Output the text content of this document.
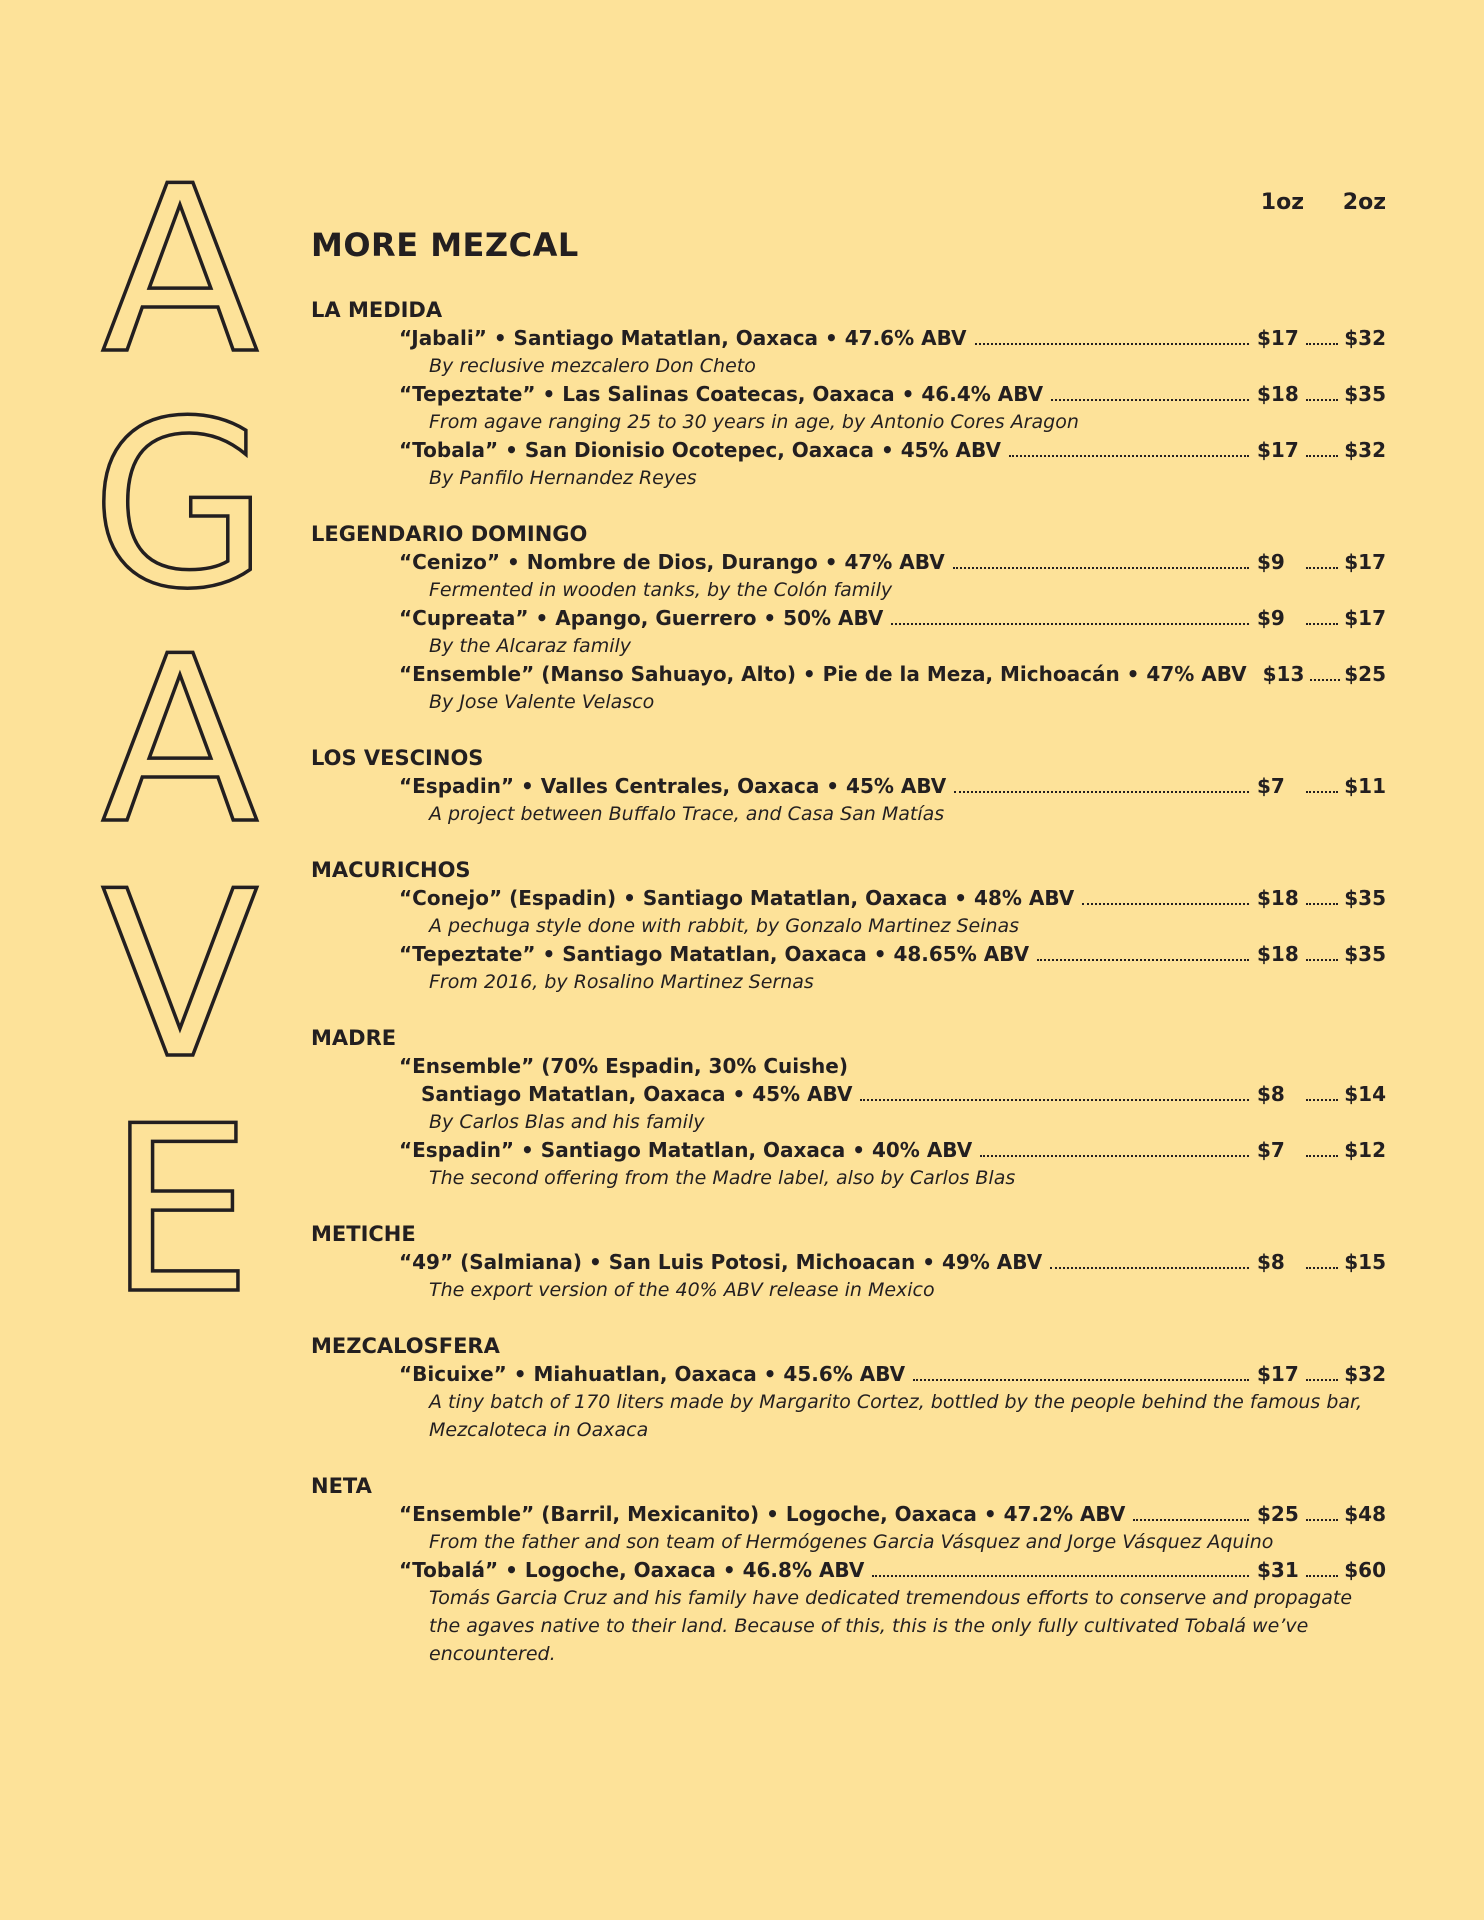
A
G
A
V
E
1oz 2oz
MORE MEZCAL
LA MEDIDA
“Jabali” • Santiago Matatlan, Oaxaca • 47.6% ABV	$17 $32
By reclusive mezcalero Don Cheto
“Tepeztate” • Las Salinas Coatecas, Oaxaca • 46.4% ABV	$18 $35
From agave ranging 25 to 30 years in age, by Antonio Cores Aragon
“Tobala” • San Dionisio Ocotepec, Oaxaca • 45% ABV	$17 $32
By Panfilo Hernandez Reyes
LEGENDARIO DOMINGO
“Cenizo” • Nombre de Dios, Durango • 47% ABV	$9	$17
Fermented in wooden tanks, by the Colón family
“Cupreata” • Apango, Guerrero • 50% ABV	$9	$17
By the Alcaraz family
“Ensemble” (Manso Sahuayo, Alto) • Pie de la Meza, Michoacán • 47% ABV $13 $25
By Jose Valente Velasco
LOS VESCINOS
“Espadin” • Valles Centrales, Oaxaca • 45% ABV	$7	$11
A project between Buffalo Trace, and Casa San Matías
MACURICHOS
“Conejo” (Espadin) • Santiago Matatlan, Oaxaca • 48% ABV	$18 $35
A pechuga style done with rabbit, by Gonzalo Martinez Seinas
“Tepeztate” • Santiago Matatlan, Oaxaca • 48.65% ABV	$18 $35
From 2016, by Rosalino Martinez Sernas
MADRE
“Ensemble” (70% Espadin, 30% Cuishe)
Santiago Matatlan, Oaxaca • 45% ABV	$8	$14
By Carlos Blas and his family
“Espadin” • Santiago Matatlan, Oaxaca • 40% ABV	$7	$12
The second offering from the Madre label, also by Carlos Blas
METICHE
“49” (Salmiana) • San Luis Potosi, Michoacan • 49% ABV	$8	$15
The export version of the 40% ABV release in Mexico
MEZCALOSFERA
“Bicuixe” • Miahuatlan, Oaxaca • 45.6% ABV	$17 $32
A tiny batch of 170 liters made by Margarito Cortez, bottled by the people behind the famous bar, Mezcaloteca in Oaxaca
NETA
“Ensemble” (Barril, Mexicanito) • Logoche, Oaxaca • 47.2% ABV	$25 $48
From the father and son team of Hermógenes Garcia Vásquez and Jorge Vásquez Aquino
“Tobalá” • Logoche, Oaxaca • 46.8% ABV	$31 $60
Tomás Garcia Cruz and his family have dedicated tremendous efforts to conserve and propagate the agaves native to their land. Because of this, this is the only fully cultivated Tobalá we’ve encountered.
